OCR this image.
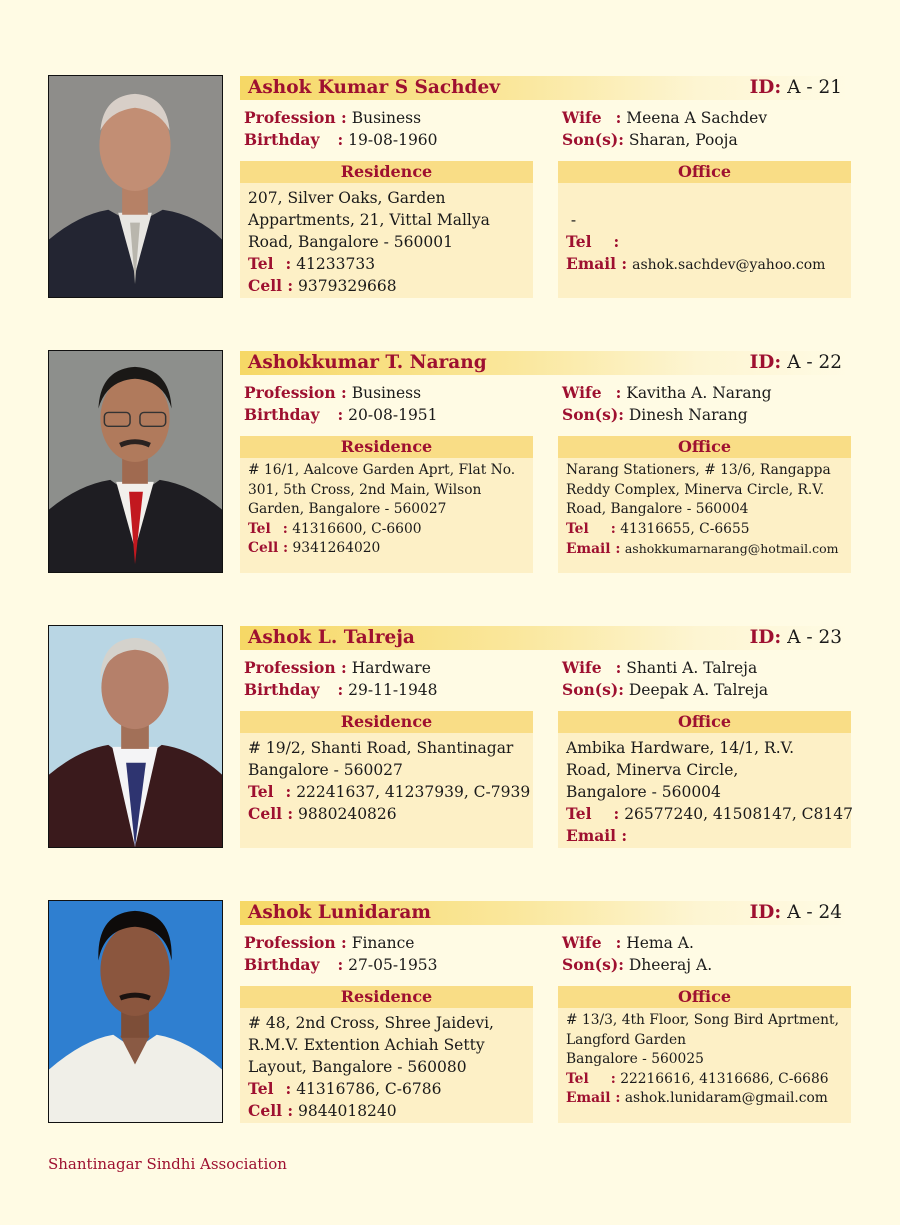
Ashok Kumar S Sachdev	ID: A - 21
Profession : Business
Birthday : 19-08-1960
Wife : Meena A Sachdev
Son(s): Sharan, Pooja
Residence
207, Silver Oaks, Garden
Appartments, 21, Vittal Mallya
Road, Bangalore - 560001
Tel : 41233733
Cell : 9379329668
Office
-
Tel :
Email : ashok.sachdev@yahoo.com
Ashokkumar T. Narang	ID: A - 22
Profession : Business
Birthday : 20-08-1951
Wife : Kavitha A. Narang
Son(s): Dinesh Narang
Residence
# 16/1, Aalcove Garden Aprt, Flat No.
301, 5th Cross, 2nd Main, Wilson
Garden, Bangalore - 560027
Tel : 41316600, C-6600
Cell : 9341264020
Office
Narang Stationers, # 13/6, Rangappa
Reddy Complex, Minerva Circle, R.V.
Road, Bangalore - 560004
Tel : 41316655, C-6655
Email : ashokkumarnarang@hotmail.com
Ashok L. Talreja	ID: A - 23
Profession : Hardware
Birthday : 29-11-1948
Wife : Shanti A. Talreja
Son(s): Deepak A. Talreja
Residence
# 19/2, Shanti Road, Shantinagar
Bangalore - 560027
Tel : 22241637, 41237939, C-7939
Cell : 9880240826
Office
Ambika Hardware, 14/1, R.V.
Road, Minerva Circle,
Bangalore - 560004
Tel : 26577240, 41508147, C8147
Email :
Ashok Lunidaram	ID: A - 24
Profession : Finance
Birthday : 27-05-1953
Wife : Hema A.
Son(s): Dheeraj A.
Residence
# 48, 2nd Cross, Shree Jaidevi,
R.M.V. Extention Achiah Setty
Layout, Bangalore - 560080
Tel : 41316786, C-6786
Cell : 9844018240
Office
# 13/3, 4th Floor, Song Bird Aprtment,
Langford Garden
Bangalore - 560025
Tel : 22216616, 41316686, C-6686
Email : ashok.lunidaram@gmail.com
Shantinagar Sindhi Association
